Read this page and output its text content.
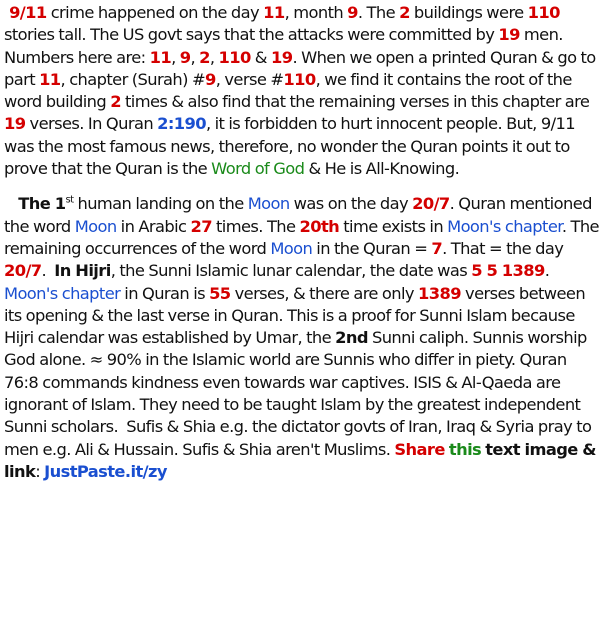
9/11 crime happened on the day 11, month 9. The 2 buildings were 110 stories tall. The US govt says that the attacks were committed by 19 men. Numbers here are: 11, 9, 2, 110 & 19. When we open a printed Quran & go to part 11, chapter (Surah) #9, verse #110, we find it contains the root of the word building 2 times & also find that the remaining verses in this chapter are 19 verses. In Quran 2:190, it is forbidden to hurt innocent people. But, 9/11 was the most famous news, therefore, no wonder the Quran points it out to prove that the Quran is the Word of God & He is All-Knowing.

The 1st human landing on the Moon was on the day 20/7. Quran mentioned the word Moon in Arabic 27 times. The 20th time exists in Moon's chapter. The remaining occurrences of the word Moon in the Quran = 7. That = the day 20/7.  In Hijri, the Sunni Islamic lunar calendar, the date was 5 5 1389.  Moon's chapter in Quran is 55 verses, & there are only 1389 verses between its opening & the last verse in Quran. This is a proof for Sunni Islam because Hijri calendar was established by Umar, the 2nd Sunni caliph. Sunnis worship God alone. ≈ 90% in the Islamic world are Sunnis who differ in piety. Quran 76:8 commands kindness even towards war captives. ISIS & Al-Qaeda are ignorant of Islam. They need to be taught Islam by the greatest independent Sunni scholars.  Sufis & Shia e.g. the dictator govts of Iran, Iraq & Syria pray to men e.g. Ali & Hussain. Sufis & Shia aren't Muslims. Share this text image & link: JustPaste.it/zy
